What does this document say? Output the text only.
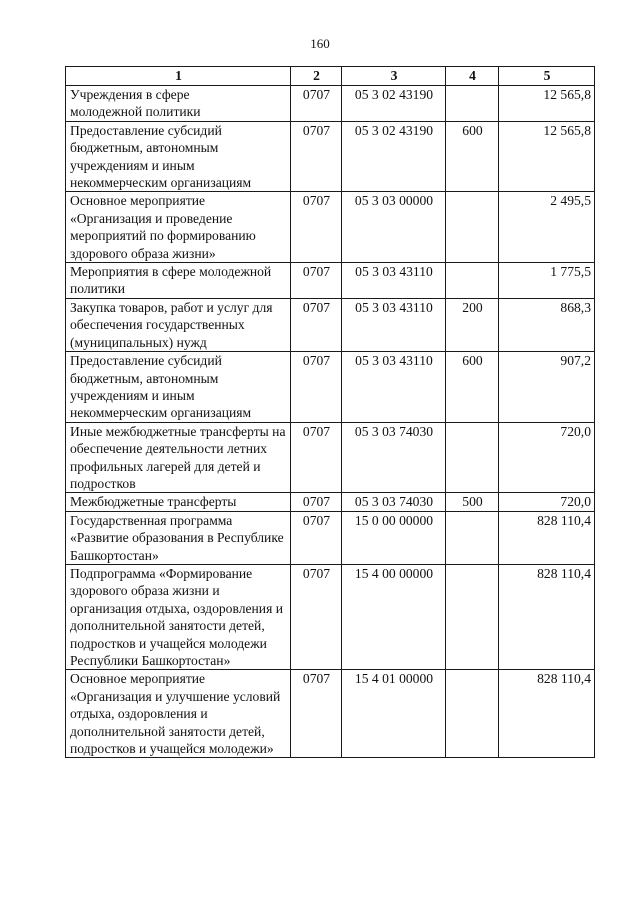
160
1	2	3	4	5
Учреждения в сфере молодежной политики	0707	05 3 02 43190		12 565,8
Предоставление субсидий бюджетным, автономным учреждениям и иным некоммерческим организациям	0707	05 3 02 43190	600	12 565,8
Основное мероприятие «Организация и проведение мероприятий по формированию здорового образа жизни»	0707	05 3 03 00000		2 495,5
Мероприятия в сфере молодежной политики	0707	05 3 03 43110		1 775,5
Закупка товаров, работ и услуг для обеспечения государственных (муниципальных) нужд	0707	05 3 03 43110	200	868,3
Предоставление субсидий бюджетным, автономным учреждениям и иным некоммерческим организациям	0707	05 3 03 43110	600	907,2
Иные межбюджетные трансферты на обеспечение деятельности летних профильных лагерей для детей и подростков	0707	05 3 03 74030		720,0
Межбюджетные трансферты	0707	05 3 03 74030	500	720,0
Государственная программа «Развитие образования в Республике Башкортостан»	0707	15 0 00 00000		828 110,4
Подпрограмма «Формирование здорового образа жизни и организация отдыха, оздоровления и дополнительной занятости детей, подростков и учащейся молодежи Республики Башкортостан»	0707	15 4 00 00000		828 110,4
Основное мероприятие «Организация и улучшение условий отдыха, оздоровления и дополнительной занятости детей, подростков и учащейся молодежи»	0707	15 4 01 00000		828 110,4
